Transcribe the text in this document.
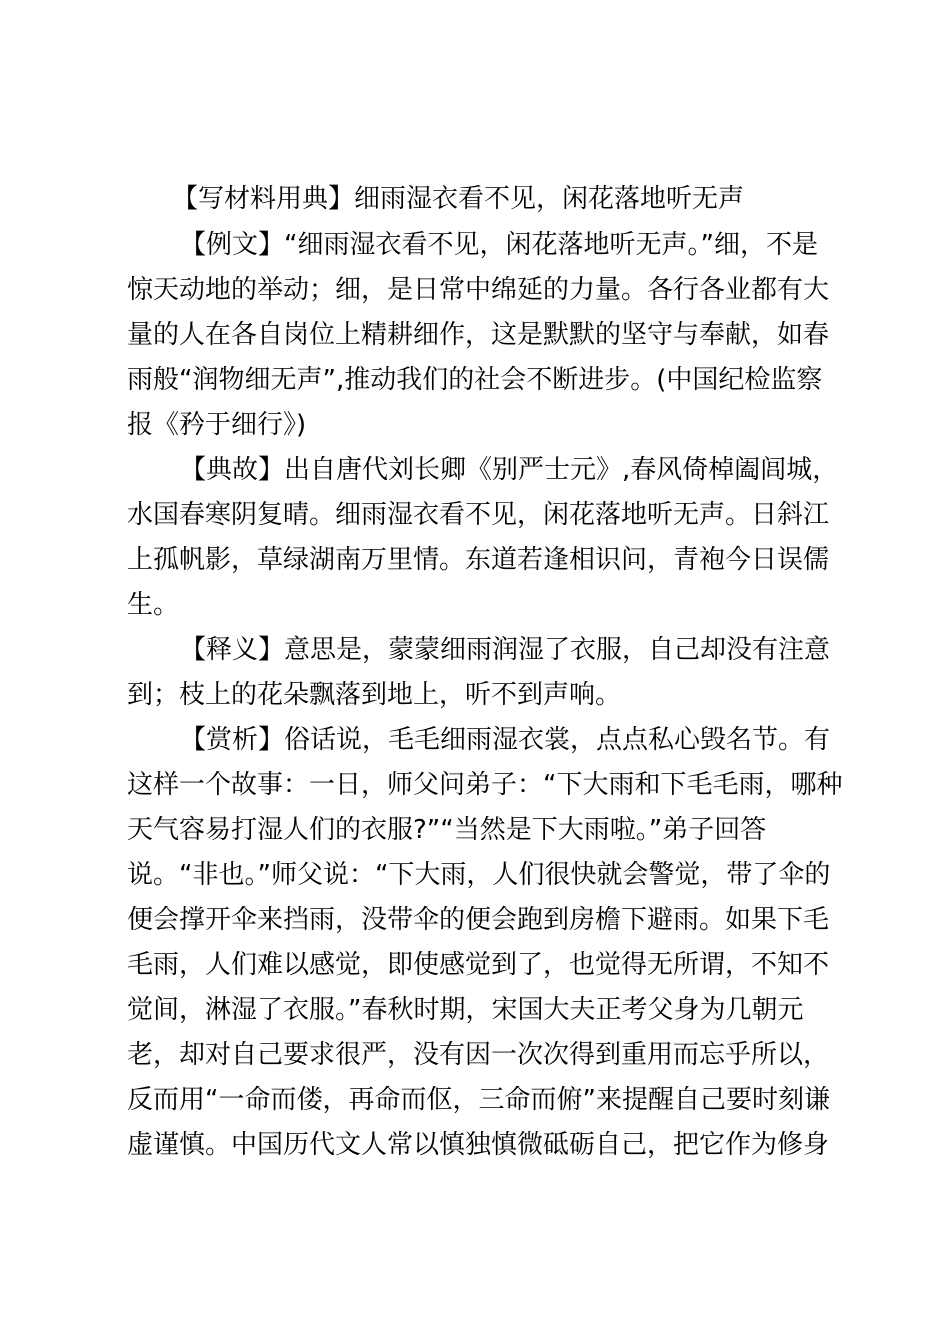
【写材料用典】细雨湿衣看不见，闲花落地听无声
【例文】“细雨湿衣看不见，闲花落地听无声。”细，不是
惊天动地的举动；细，是日常中绵延的力量。各行各业都有大
量的人在各自岗位上精耕细作，这是默默的坚守与奉献，如春
雨般“润物细无声”,推动我们的社会不断进步。(中国纪检监察
报《矜于细行》)
【典故】出自唐代刘长卿《别严士元》,春风倚棹阖闾城，
水国春寒阴复晴。细雨湿衣看不见，闲花落地听无声。日斜江
上孤帆影，草绿湖南万里情。东道若逢相识问，青袍今日误儒
生。
【释义】意思是，蒙蒙细雨润湿了衣服，自己却没有注意
到；枝上的花朵飘落到地上，听不到声响。
【赏析】俗话说，毛毛细雨湿衣裳，点点私心毁名节。有
这样一个故事：一日，师父问弟子：“下大雨和下毛毛雨，哪种
天气容易打湿人们的衣服?”“当然是下大雨啦。”弟子回答
说。“非也。”师父说：“下大雨，人们很快就会警觉，带了伞的
便会撑开伞来挡雨，没带伞的便会跑到房檐下避雨。如果下毛
毛雨，人们难以感觉，即使感觉到了，也觉得无所谓，不知不
觉间，淋湿了衣服。”春秋时期，宋国大夫正考父身为几朝元
老，却对自己要求很严，没有因一次次得到重用而忘乎所以，
反而用“一命而偻，再命而伛，三命而俯”来提醒自己要时刻谦
虚谨慎。中国历代文人常以慎独慎微砥砺自己，把它作为修身
